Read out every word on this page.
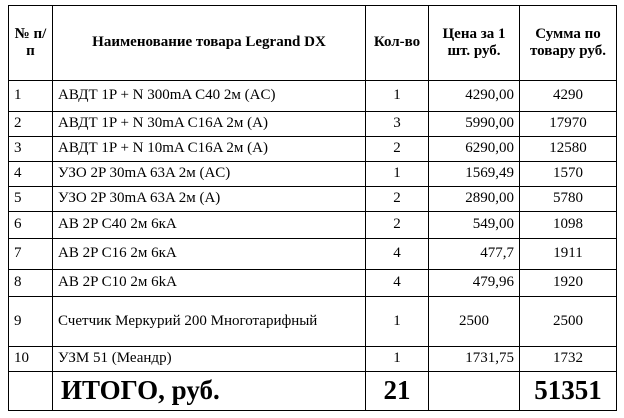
№ п/п	Наименование товара Legrand DX	Кол-во	Цена за 1 шт. руб.	Сумма по товару руб.
1	АВДТ 1P + N 300mA C40 2м (AC)	1	4290,00	4290
2	АВДТ 1P + N 30mA C16A 2м (A)	3	5990,00	17970
3	АВДТ 1P + N 10mA C16A 2м (A)	2	6290,00	12580
4	УЗО 2P 30mA 63A 2м (AC)	1	1569,49	1570
5	УЗО 2P 30mA 63A 2м (A)	2	2890,00	5780
6	АВ 2P C40 2м 6кА	2	549,00	1098
7	АВ 2P C16 2м 6кА	4	477,7	1911
8	АВ 2P C10 2м 6kA	4	479,96	1920
9	Счетчик Меркурий 200 Многотарифный	1	2500	2500
10	УЗМ 51 (Меандр)	1	1731,75	1732
	ИТОГО, руб.	21		51351
